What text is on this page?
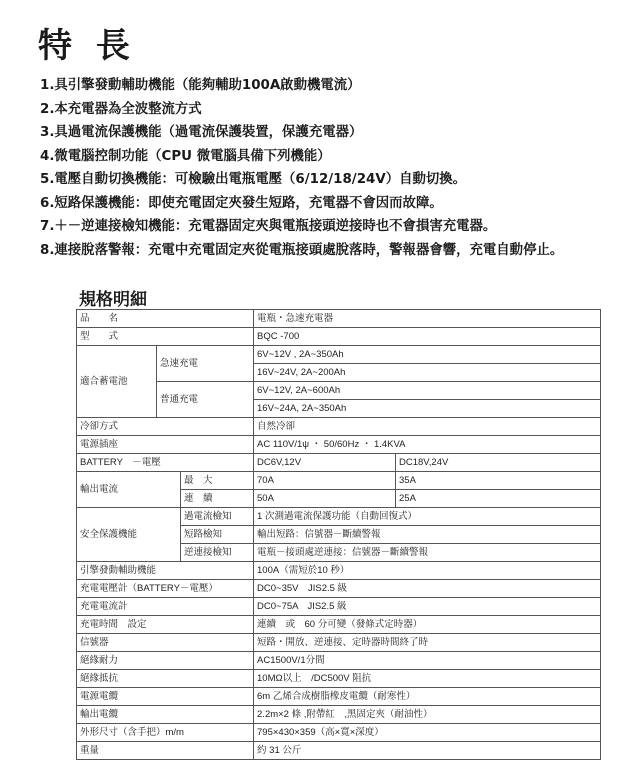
特 長
1.具引擎發動輔助機能（能夠輔助100A啟動機電流）
2.本充電器為全波整流方式
3.具過電流保護機能（過電流保護裝置，保護充電器）
4.微電腦控制功能（CPU 微電腦具備下列機能）
5.電壓自動切換機能：可檢驗出電瓶電壓（6/12/18/24V）自動切換。
6.短路保護機能：即使充電固定夾發生短路，充電器不會因而故障。
7.＋－逆連接檢知機能：充電器固定夾與電瓶接頭逆接時也不會損害充電器。
8.連接脫落警報：充電中充電固定夾從電瓶接頭處脫落時，警報器會響，充電自動停止。
規格明細
品　　名			電瓶・急速充電器	
型　　式			BQC -700	
適合蓄電池	急速充電		6V~12V , 2A~350Ah	
			16V~24V, 2A~200Ah	
	普通充電		6V~12V, 2A~600Ah	
			16V~24A, 2A~350Ah	
冷卻方式			自然冷卻	
電源插座			AC 110V/1ψ ・ 50/60Hz ・ 1.4KVA	
BATTERY　－電壓			DC6V,12V	DC18V,24V
輸出電流		最　大	70A	35A
		連　續	50A	25A
安全保護機能		過電流檢知	1 次測過電流保護功能（自動回復式）	
		短路檢知	輸出短路：信號器－斷續警報	
		逆連接檢知	電瓶－接頭處逆連接：信號器－斷續警報	
引擎發動輔助機能			100A（需短於10 秒）	
充電電壓計（BATTERY－電壓）			DC0~35V　JIS2.5 級	
充電電流計			DC0~75A　JIS2.5 級	
充電時間　設定			連續　或　60 分可變（發條式定時器）	
信號器			短路・開放、逆連接、定時器時間終了時	
絕緣耐力			AC1500V/1分間	
絕緣抵抗			10MΩ以上　/DC500V 阻抗	
電源電纜			6m 乙烯合成樹脂橡皮電纜（耐寒性）	
輸出電纜			2.2m×2 條 ,附帶紅　,黑固定夾（耐油性）	
外形尺寸（含手把）m/m			795×430×359（高×寬×深度）	
重量			約 31 公斤	
